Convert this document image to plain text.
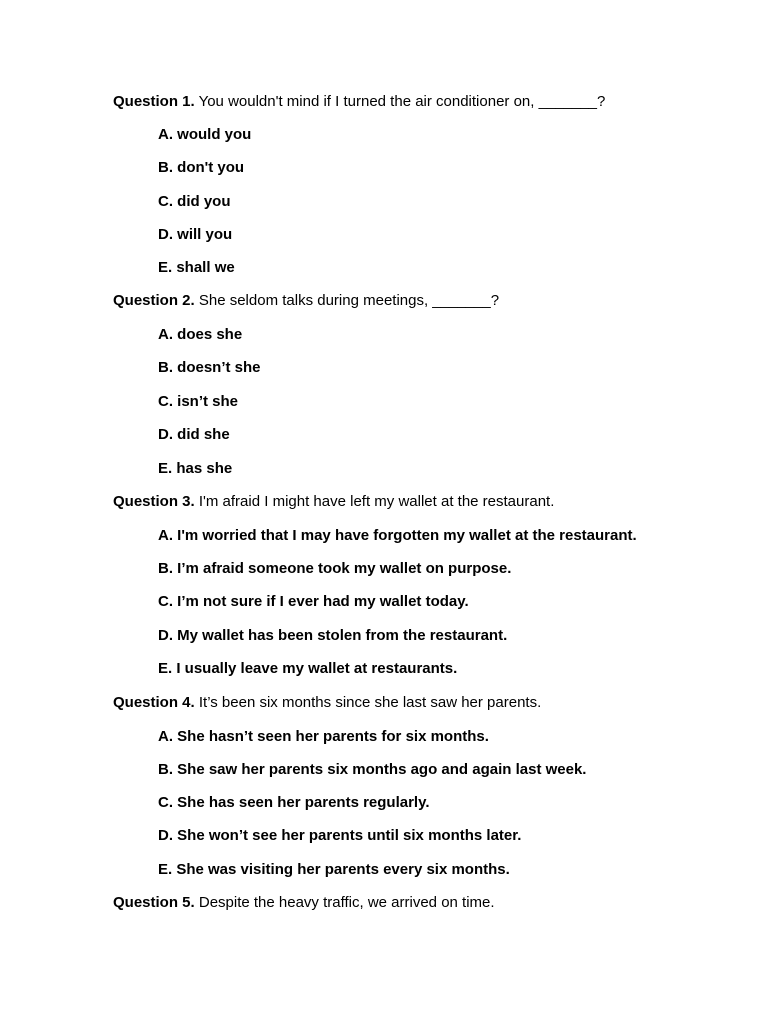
Question 1. You wouldn't mind if I turned the air conditioner on, _______?
A. would you
B. don't you
C. did you
D. will you
E. shall we
Question 2. She seldom talks during meetings, _______?
A. does she
B. doesn’t she
C. isn’t she
D. did she
E. has she
Question 3. I'm afraid I might have left my wallet at the restaurant.
A. I'm worried that I may have forgotten my wallet at the restaurant.
B. I’m afraid someone took my wallet on purpose.
C. I’m not sure if I ever had my wallet today.
D. My wallet has been stolen from the restaurant.
E. I usually leave my wallet at restaurants.
Question 4. It’s been six months since she last saw her parents.
A. She hasn’t seen her parents for six months.
B. She saw her parents six months ago and again last week.
C. She has seen her parents regularly.
D. She won’t see her parents until six months later.
E. She was visiting her parents every six months.
Question 5. Despite the heavy traffic, we arrived on time.
